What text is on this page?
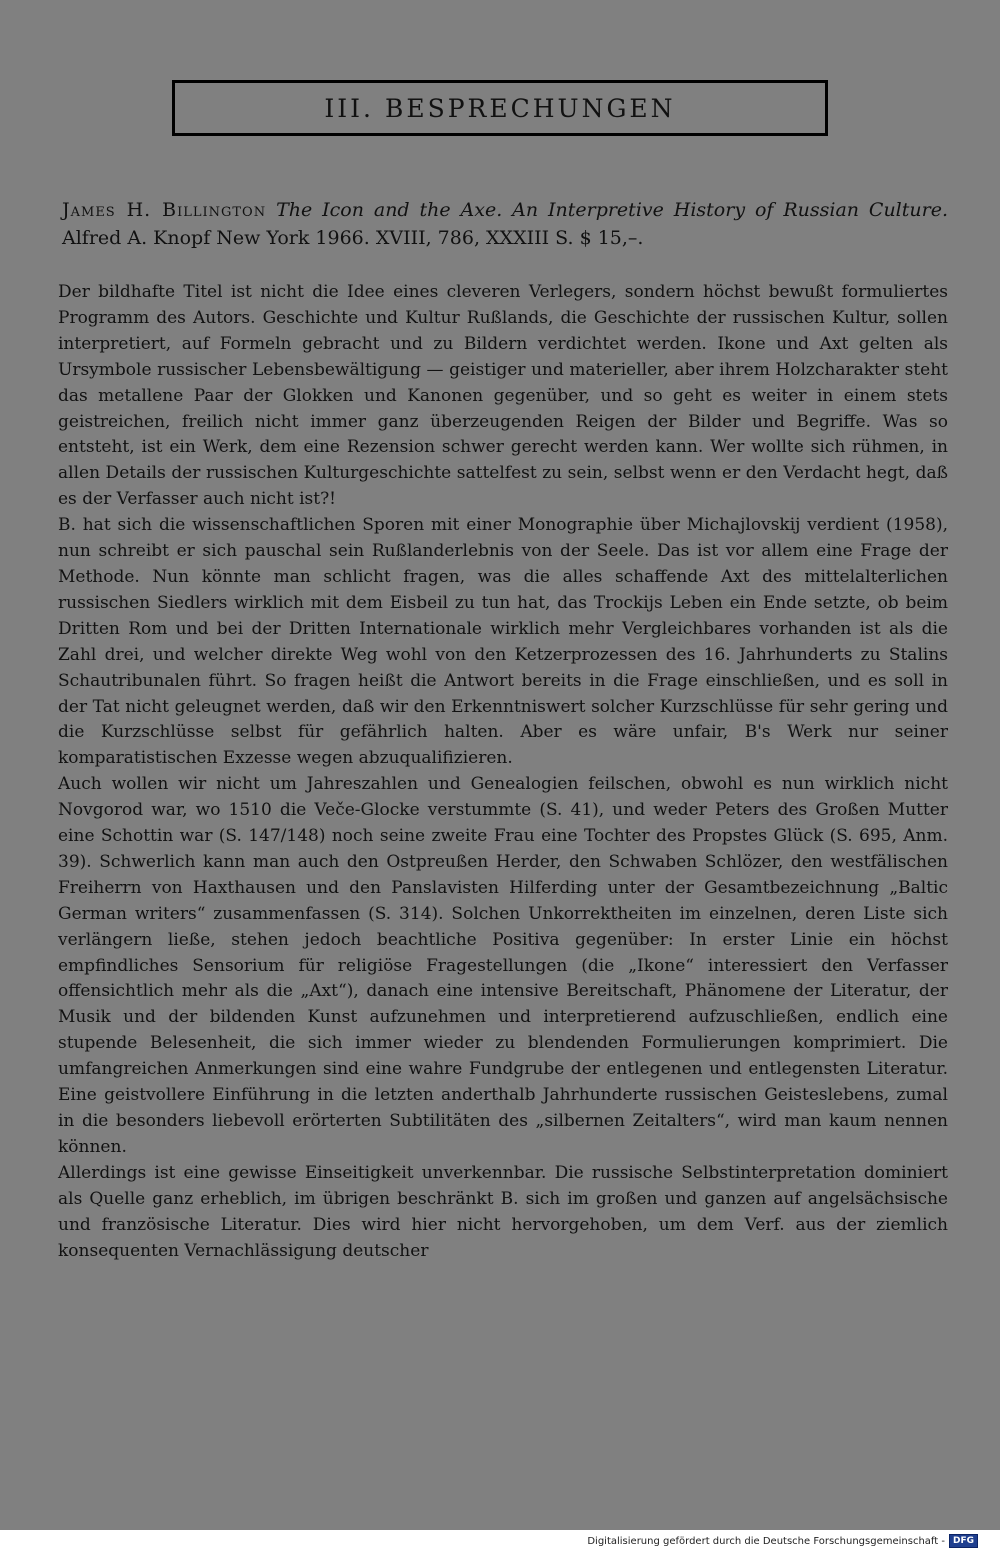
III. BESPRECHUNGEN
James H. Billington The Icon and the Axe. An Interpretive History of Russian Culture. Alfred A. Knopf New York 1966. XVIII, 786, XXXIII S. $ 15,–.

Der bildhafte Titel ist nicht die Idee eines cleveren Verlegers, sondern höchst bewußt formuliertes Programm des Autors. Geschichte und Kultur Rußlands, die Geschichte der russischen Kultur, sollen interpretiert, auf Formeln gebracht und zu Bildern verdichtet werden. Ikone und Axt gelten als Ursymbole russischer Lebensbewältigung — geistiger und materieller, aber ihrem Holzcharakter steht das metallene Paar der Glokken und Kanonen gegenüber, und so geht es weiter in einem stets geistreichen, freilich nicht immer ganz überzeugenden Reigen der Bilder und Begriffe. Was so entsteht, ist ein Werk, dem eine Rezension schwer gerecht werden kann. Wer wollte sich rühmen, in allen Details der russischen Kulturgeschichte sattelfest zu sein, selbst wenn er den Verdacht hegt, daß es der Verfasser auch nicht ist?!

B. hat sich die wissenschaftlichen Sporen mit einer Monographie über Michajlovskij verdient (1958), nun schreibt er sich pauschal sein Rußlanderlebnis von der Seele. Das ist vor allem eine Frage der Methode. Nun könnte man schlicht fragen, was die alles schaffende Axt des mittelalterlichen russischen Siedlers wirklich mit dem Eisbeil zu tun hat, das Trockijs Leben ein Ende setzte, ob beim Dritten Rom und bei der Dritten Internationale wirklich mehr Vergleichbares vorhanden ist als die Zahl drei, und welcher direkte Weg wohl von den Ketzerprozessen des 16. Jahrhunderts zu Stalins Schautribunalen führt. So fragen heißt die Antwort bereits in die Frage einschließen, und es soll in der Tat nicht geleugnet werden, daß wir den Erkenntniswert solcher Kurzschlüsse für sehr gering und die Kurzschlüsse selbst für gefährlich halten. Aber es wäre unfair, B's Werk nur seiner komparatistischen Exzesse wegen abzuqualifizieren.

Auch wollen wir nicht um Jahreszahlen und Genealogien feilschen, obwohl es nun wirklich nicht Novgorod war, wo 1510 die Veče-Glocke verstummte (S. 41), und weder Peters des Großen Mutter eine Schottin war (S. 147/148) noch seine zweite Frau eine Tochter des Propstes Glück (S. 695, Anm. 39). Schwerlich kann man auch den Ostpreußen Herder, den Schwaben Schlözer, den westfälischen Freiherrn von Haxthausen und den Panslavisten Hilferding unter der Gesamtbezeichnung „Baltic German writers“ zusammenfassen (S. 314). Solchen Unkorrektheiten im einzelnen, deren Liste sich verlängern ließe, stehen jedoch beachtliche Positiva gegenüber: In erster Linie ein höchst empfindliches Sensorium für religiöse Fragestellungen (die „Ikone“ interessiert den Verfasser offensichtlich mehr als die „Axt“), danach eine intensive Bereitschaft, Phänomene der Literatur, der Musik und der bildenden Kunst aufzunehmen und interpretierend aufzuschließen, endlich eine stupende Belesenheit, die sich immer wieder zu blendenden Formulierungen komprimiert. Die umfangreichen Anmerkungen sind eine wahre Fundgrube der entlegenen und entlegensten Literatur. Eine geistvollere Einführung in die letzten anderthalb Jahrhunderte russischen Geisteslebens, zumal in die besonders liebevoll erörterten Subtilitäten des „silbernen Zeitalters“, wird man kaum nennen können.

Allerdings ist eine gewisse Einseitigkeit unverkennbar. Die russische Selbstinterpretation dominiert als Quelle ganz erheblich, im übrigen beschränkt B. sich im großen und ganzen auf angelsächsische und französische Literatur. Dies wird hier nicht hervorgehoben, um dem Verf. aus der ziemlich konsequenten Vernachlässigung deutscher

Digitalisierung gefördert durch die Deutsche Forschungsgemeinschaft - DFG
